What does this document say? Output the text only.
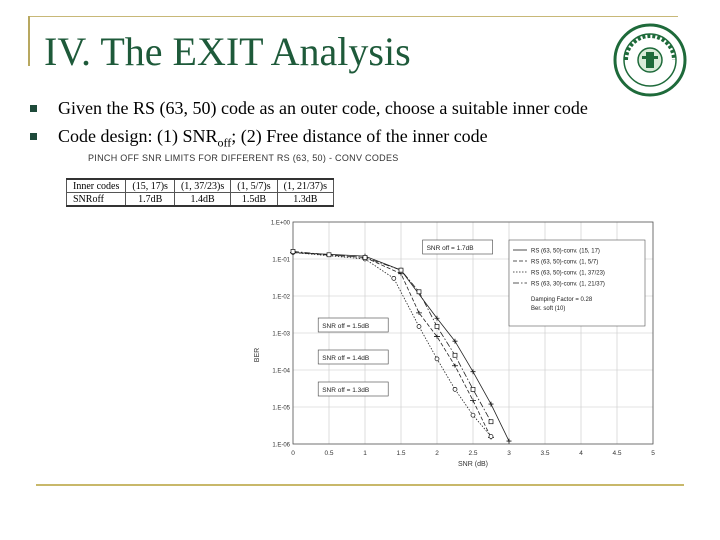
IV. The EXIT Analysis
Given the RS (63, 50) code as an outer code, choose a suitable inner code
Code design: (1) $SNR_{off}$; (2) Free distance of the inner code
PINCH OFF SNR LIMITS FOR DIFFERENT RS (63, 50) - CONV CODES
Inner codes	(15, 17)s	(1, 37/23)s	(1, 5/7)s	(1, 21/37)s
SNRoff	1.7dB	1.4dB	1.5dB	1.3dB
0	0.5	1	1.5	2	2.5	3	3.5	4	4.5	5
1.E+00
1.E-01
1.E-02
1.E-03
1.E-04
1.E-05
1.E-06
SNR (dB)
BER
RS (63, 50)-conv. (15, 17)
RS (63, 50)-conv. (1, 5/7)
RS (63, 50)-conv. (1, 37/23)
RS (63, 30)-conv. (1, 21/37)
Damping Factor = 0.28
Ber. soft (10)
SNR off = 1.7dB
SNR off = 1.5dB
SNR off = 1.4dB
SNR off = 1.3dB
